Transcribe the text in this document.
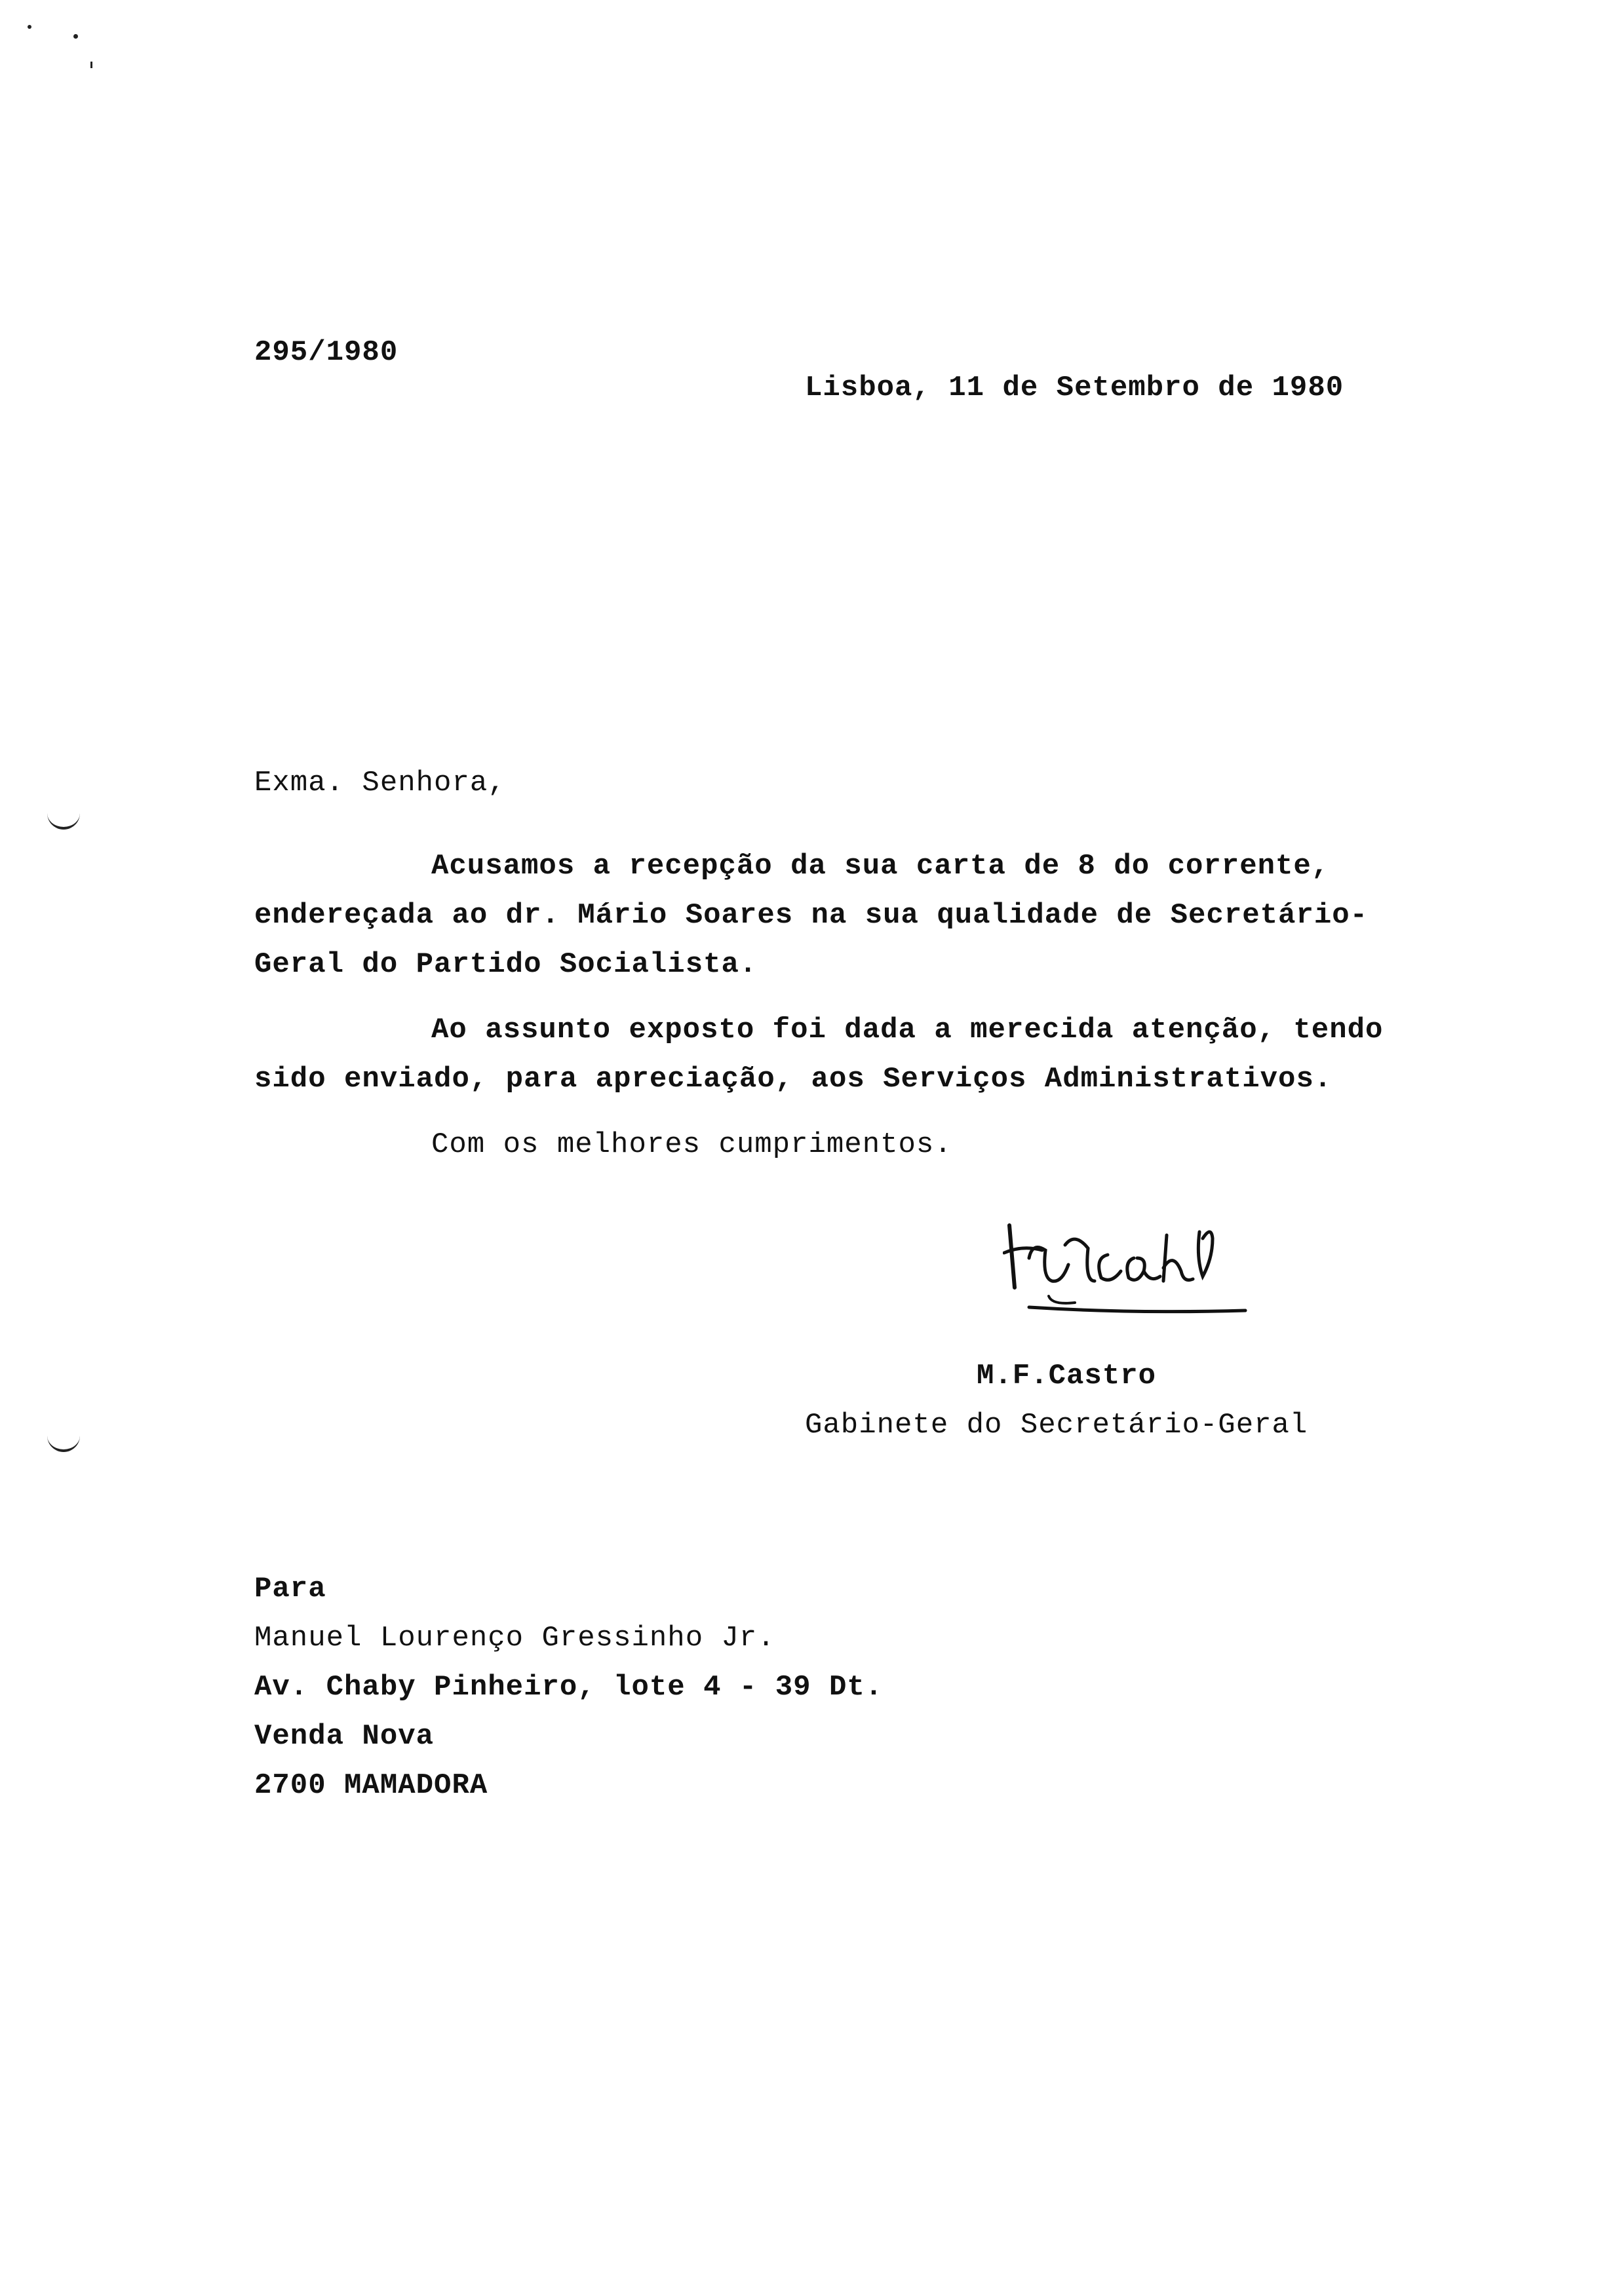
295/1980
Lisboa, 11 de Setembro de 1980
Exma. Senhora,
Acusamos a recepção da sua carta de 8 do corrente,
endereçada ao dr. Mário Soares na sua qualidade de Secretário-
Geral do Partido Socialista.
Ao assunto exposto foi dada a merecida atenção, tendo
sido enviado, para apreciação, aos Serviços Administrativos.
Com os melhores cumprimentos.
M.F.Castro
Gabinete do Secretário-Geral
Para
Manuel Lourenço Gressinho Jr.
Av. Chaby Pinheiro, lote 4 - 39 Dt.
Venda Nova
2700 MAMADORA
